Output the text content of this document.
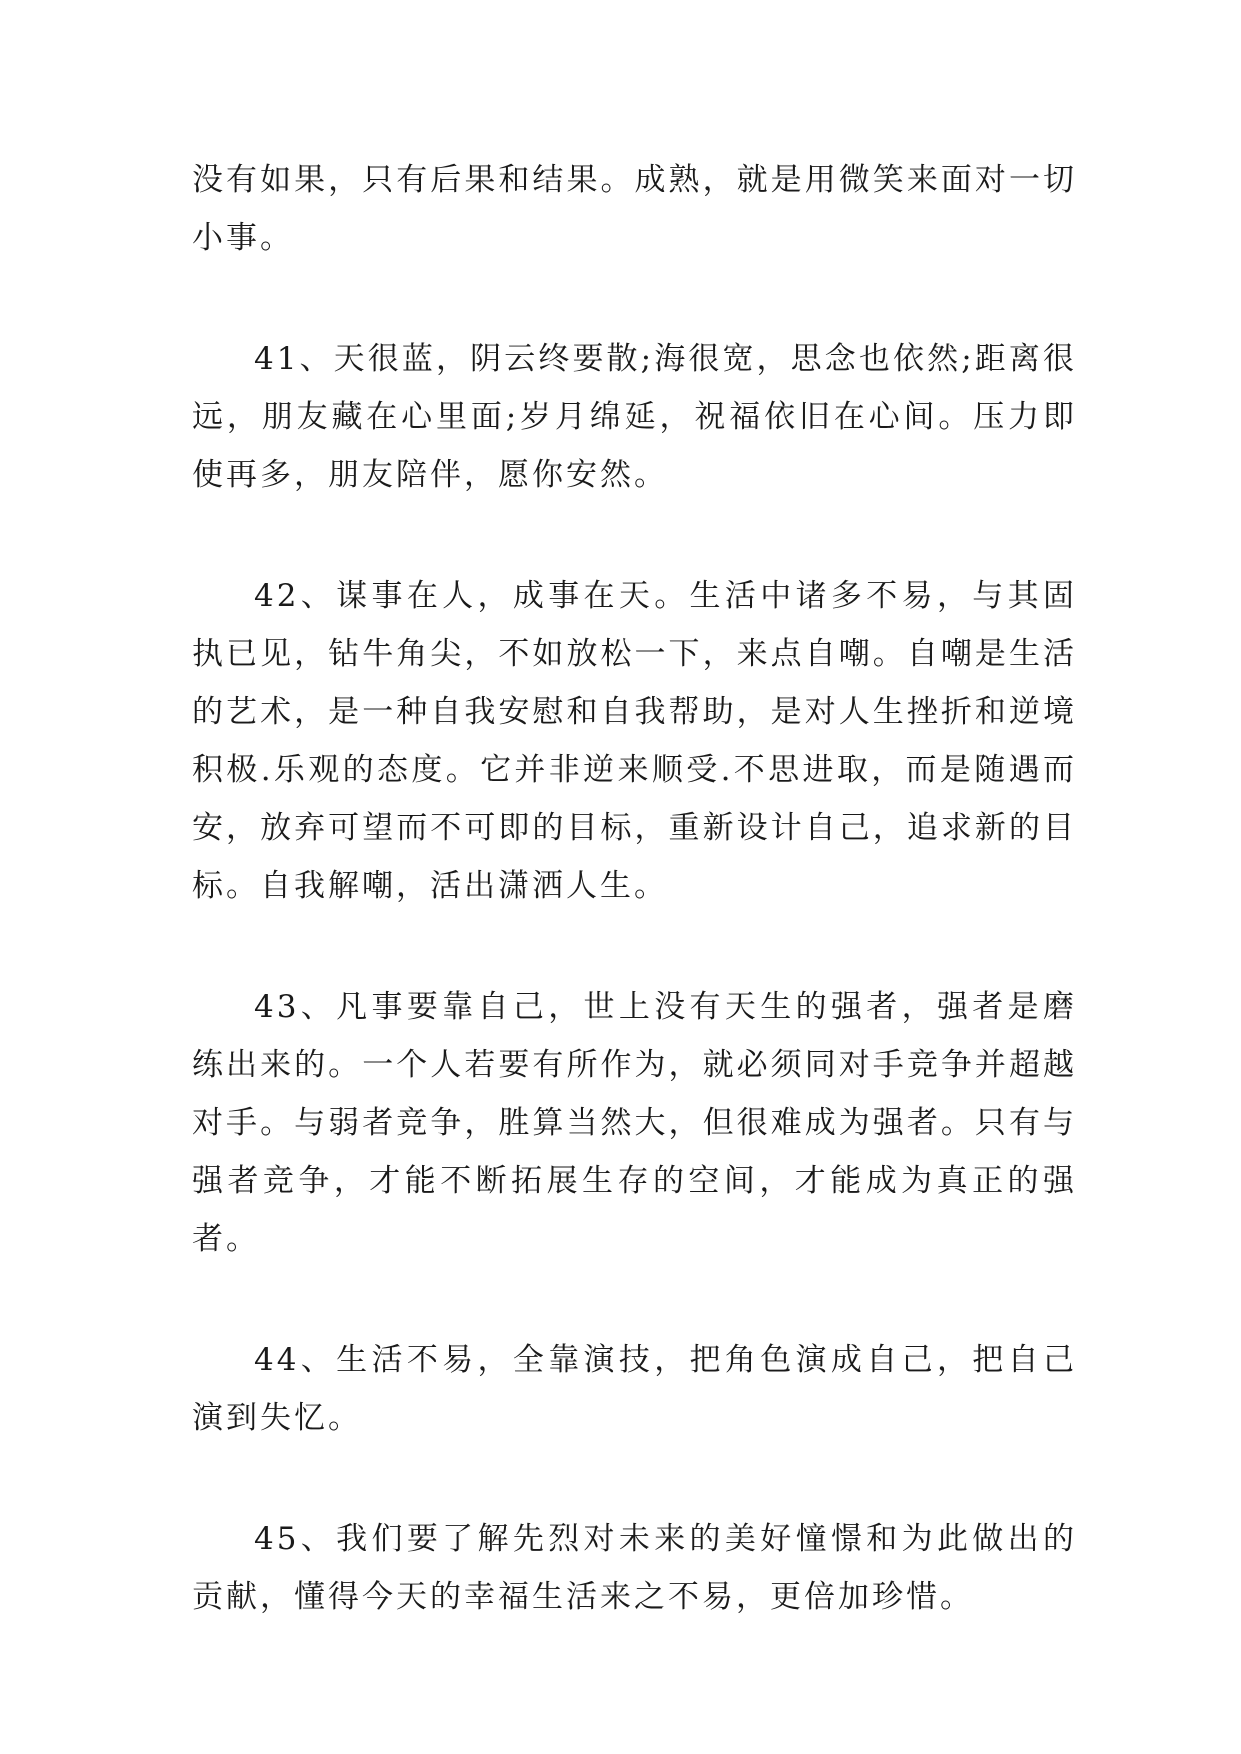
没有如果，只有后果和结果。成熟，就是用微笑来面对一切小事。

41、天很蓝，阴云终要散;海很宽，思念也依然;距离很远，朋友藏在心里面;岁月绵延，祝福依旧在心间。压力即使再多，朋友陪伴，愿你安然。

42、谋事在人，成事在天。生活中诸多不易，与其固执已见，钻牛角尖，不如放松一下，来点自嘲。自嘲是生活的艺术，是一种自我安慰和自我帮助，是对人生挫折和逆境积极.乐观的态度。它并非逆来顺受.不思进取，而是随遇而安，放弃可望而不可即的目标，重新设计自己，追求新的目标。自我解嘲，活出潇洒人生。

43、凡事要靠自己，世上没有天生的强者，强者是磨练出来的。一个人若要有所作为，就必须同对手竞争并超越对手。与弱者竞争，胜算当然大，但很难成为强者。只有与强者竞争，才能不断拓展生存的空间，才能成为真正的强者。

44、生活不易，全靠演技，把角色演成自己，把自己演到失忆。

45、我们要了解先烈对未来的美好憧憬和为此做出的贡献，懂得今天的幸福生活来之不易，更倍加珍惜。
